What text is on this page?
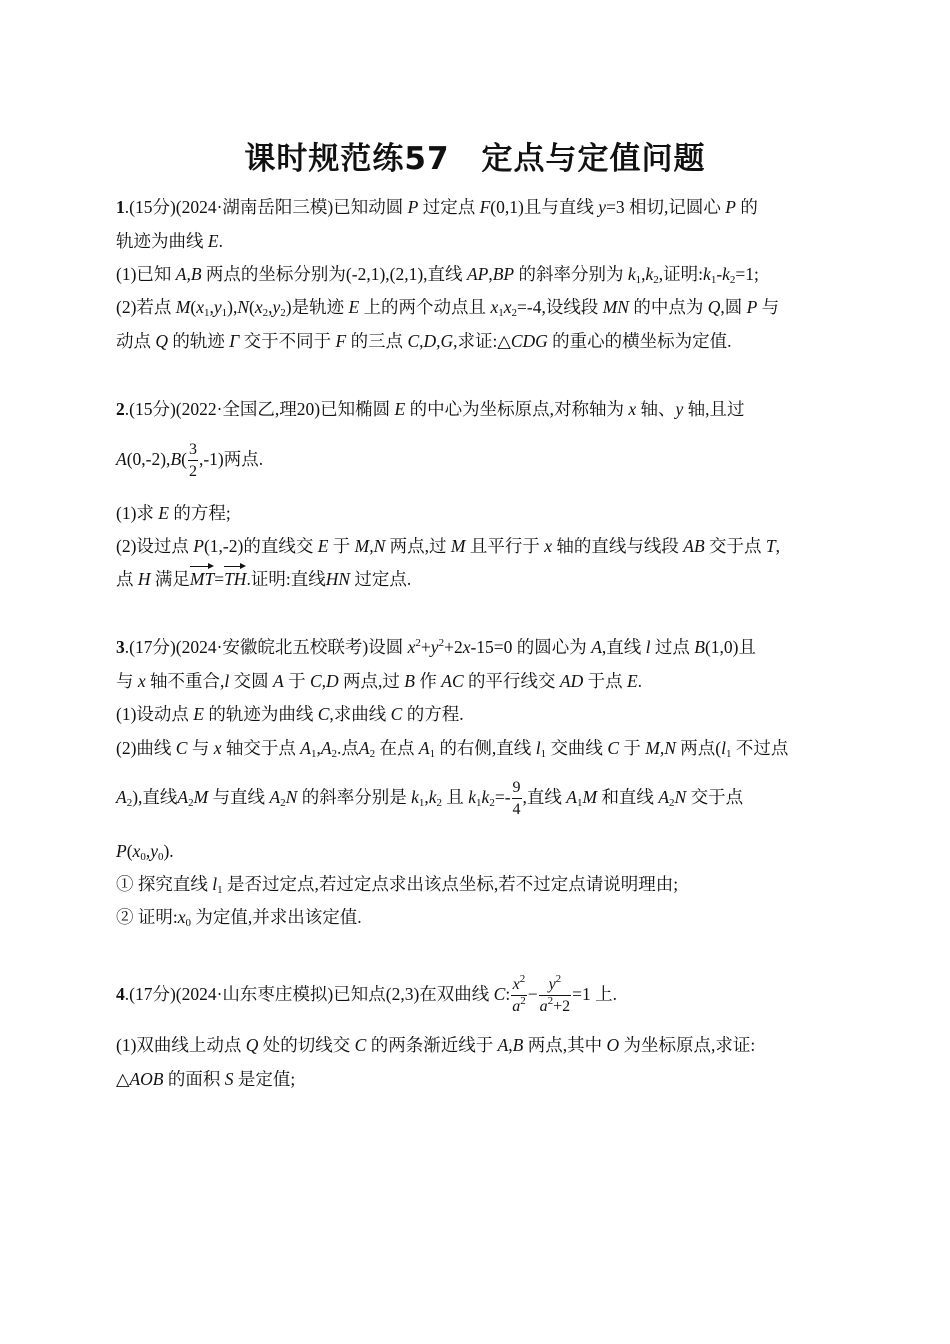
课时规范练57　定点与定值问题
1.(15分)(2024·湖南岳阳三模)已知动圆 P 过定点 F(0,1)且与直线 y=3 相切,记圆心 P 的
轨迹为曲线 E.
(1)已知 A,B 两点的坐标分别为(-2,1),(2,1),直线 AP,BP 的斜率分别为 $k_1,k_2$,证明$:k_1-k_2=1$;
(2)若点 $M(x_1,y_1),N(x_2,y_2)$是轨迹 E 上的两个动点且 $x_1x_2=-4$,设线段 MN 的中点为 Q,圆 P 与
动点 Q 的轨迹 Γ 交于不同于 F 的三点 C,D,G,求证:△CDG 的重心的横坐标为定值.
2.(15分)(2022·全国乙,理20)已知椭圆 E 的中心为坐标原点,对称轴为 x 轴、y 轴,且过
$A(0,-2),B( \frac{3}{2} ,-1)$两点.
(1)求 E 的方程;
(2)设过点 P(1,-2)的直线交 E 于 M,N 两点,过 M 且平行于 x 轴的直线与线段 AB 交于点 T,
点 H 满足MT=TH.证明:直线HN 过定点.
3.(17分)(2024·安徽皖北五校联考)设圆 $x^2+y^2+2x-15=0$ 的圆心为 A,直线 l 过点 B(1,0)且
与 x 轴不重合,l 交圆 A 于 C,D 两点,过 B 作 AC 的平行线交 AD 于点 E.
(1)设动点 E 的轨迹为曲线 C,求曲线 C 的方程.
(2)曲线 C 与 x 轴交于点 $A_1,A_2$.点$A_2$ 在点 $A_1$ 的右侧,直线 $l_1$ 交曲线 C 于 M,N 两点($l_1$ 不过点
$A_2$),直线$A_2M$ 与直线 $A_2N$ 的斜率分别是 $k_1,k_2$ 且 $k_1k_2=- \frac{9}{4}$ ,直线 $A_1M$ 和直线 $A_2N$ 交于点
$P(x_0,y_0)$.
① 探究直线 $l_1$ 是否过定点,若过定点求出该点坐标,若不过定点请说明理由;
② 证明$:x_0$ 为定值,并求出该定值.
4.(17分)(2024·山东枣庄模拟)已知点(2,3)在双曲线 C: $\frac{x^2}{a^2} - \frac{y^2}{a^2+2} =1$ 上.
(1)双曲线上动点 Q 处的切线交 C 的两条渐近线于 A,B 两点,其中 O 为坐标原点,求证:
△AOB 的面积 S 是定值;
